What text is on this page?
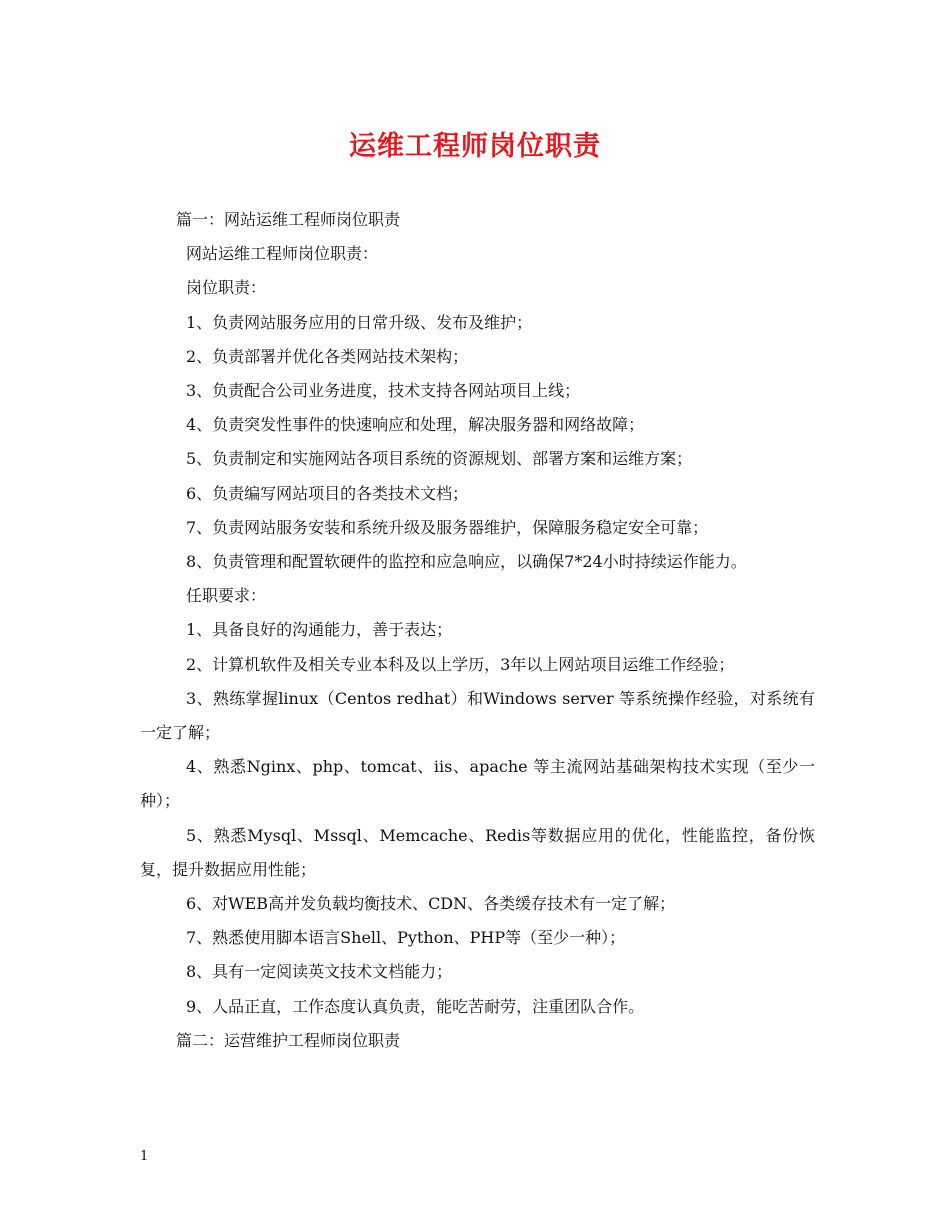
运维工程师岗位职责

篇一：网站运维工程师岗位职责

网站运维工程师岗位职责：

岗位职责：

1、负责网站服务应用的日常升级、发布及维护；

2、负责部署并优化各类网站技术架构；

3、负责配合公司业务进度，技术支持各网站项目上线；

4、负责突发性事件的快速响应和处理，解决服务器和网络故障；

5、负责制定和实施网站各项目系统的资源规划、部署方案和运维方案；

6、负责编写网站项目的各类技术文档；

7、负责网站服务安装和系统升级及服务器维护，保障服务稳定安全可靠；

8、负责管理和配置软硬件的监控和应急响应，以确保7*24小时持续运作能力。

任职要求：

1、具备良好的沟通能力，善于表达；

2、计算机软件及相关专业本科及以上学历，3年以上网站项目运维工作经验；

3、熟练掌握linux（Centos redhat）和Windows server 等系统操作经验，对系统有一定了解；

4、熟悉Nginx、php、tomcat、iis、apache 等主流网站基础架构技术实现（至少一种）；

5、熟悉Mysql、Mssql、Memcache、Redis等数据应用的优化，性能监控，备份恢复，提升数据应用性能；

6、对WEB高并发负载均衡技术、CDN、各类缓存技术有一定了解；

7、熟悉使用脚本语言Shell、Python、PHP等（至少一种）；

8、具有一定阅读英文技术文档能力；

9、人品正直，工作态度认真负责，能吃苦耐劳，注重团队合作。

篇二：运营维护工程师岗位职责

1
